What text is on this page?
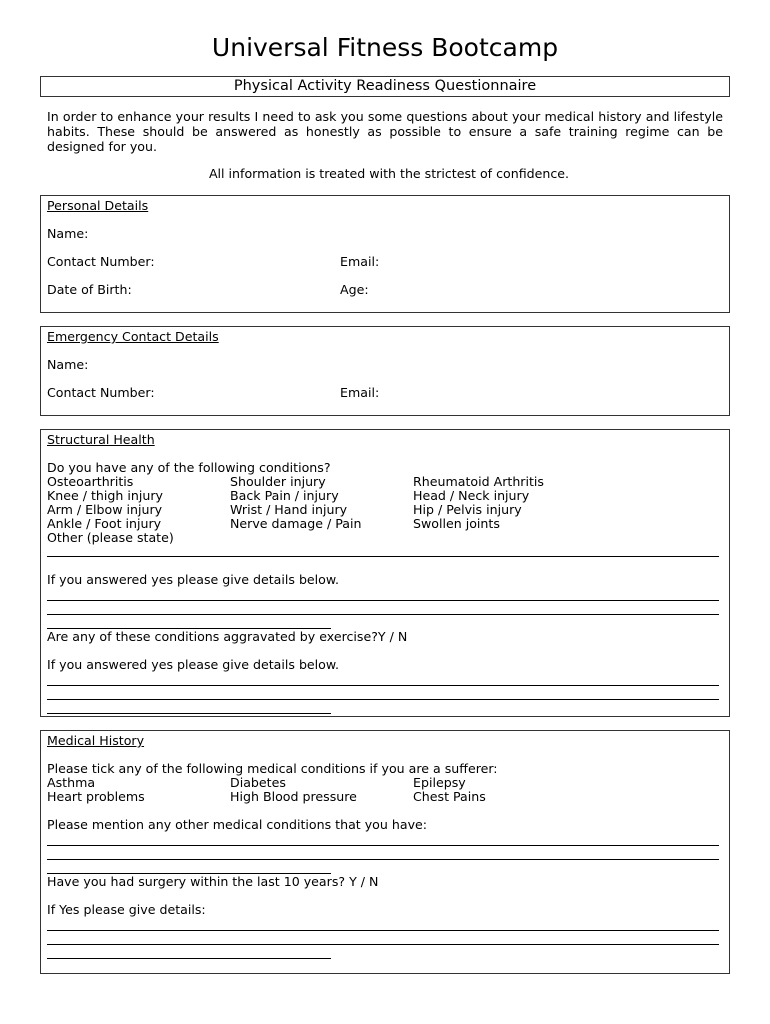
Universal Fitness Bootcamp
Physical Activity Readiness Questionnaire
In order to enhance your results I need to ask you some questions about your medical history and lifestyle habits. These should be answered as honestly as possible to ensure a safe training regime can be designed for you.
All information is treated with the strictest of confidence.
Personal Details
Name:
Contact Number:	Email:
Date of Birth:	Age:
Emergency Contact Details
Name:
Contact Number:	Email:
Structural Health
Do you have any of the following conditions?
Osteoarthritis	Shoulder injury	Rheumatoid Arthritis
Knee / thigh injury	Back Pain / injury	Head / Neck injury
Arm / Elbow injury	Wrist / Hand injury	Hip / Pelvis injury
Ankle / Foot injury	Nerve damage / Pain	Swollen joints
Other (please state)
If you answered yes please give details below.
Are any of these conditions aggravated by exercise?Y / N
If you answered yes please give details below.
Medical History
Please tick any of the following medical conditions if you are a sufferer:
Asthma	Diabetes	Epilepsy
Heart problems	High Blood pressure	Chest Pains
Please mention any other medical conditions that you have:
Have you had surgery within the last 10 years? Y / N
If Yes please give details:
